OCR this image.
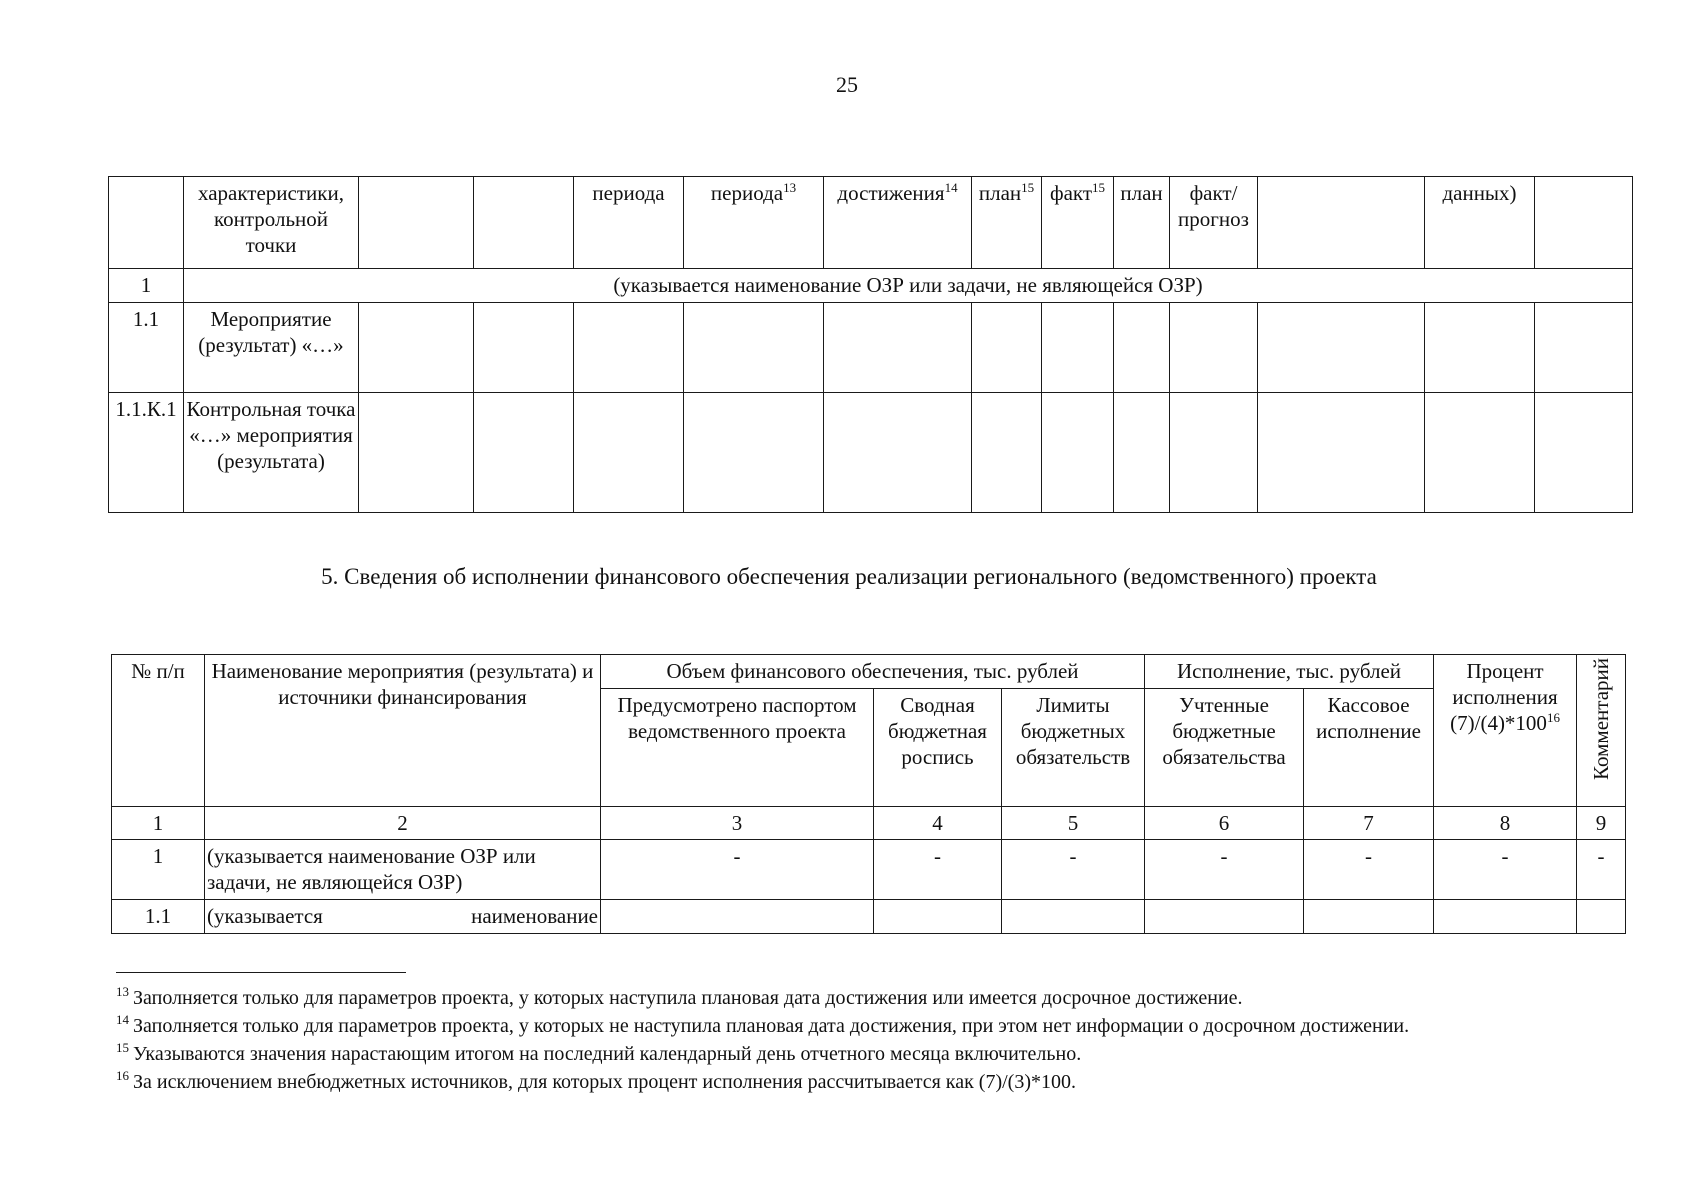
25
	характеристики, контрольной точки			периода	периода$^{13}$	достижения$^{14}$	план$^{15}$	факт$^{15}$	план	факт/ прогноз		данных)	
1	(указывается наименование ОЗР или задачи, не являющейся ОЗР)												
1.1	Мероприятие (результат) «…»												
1.1.К.1	Контрольная точка «…» мероприятия (результата)												
5. Сведения об исполнении финансового обеспечения реализации регионального (ведомственного) проекта
№ п/п	Наименование мероприятия (результата) и источники финансирования	Объем финансового обеспечения, тыс. рублей			Исполнение, тыс. рублей		Процент исполнения $(7)/(4)*100^{16}$	Комментарий

		Предусмотрено паспортом ведомственного проекта	Сводная бюджетная роспись	Лимиты бюджетных обязательств	Учтенные бюджетные обязательства	Кассовое исполнение		
1	2	3	4	5	6	7	8	9
1	(указывается наименование ОЗР или задачи, не являющейся ОЗР)	-	-	-	-	-	-	-
1.1	(указывается наименование							

$^{13}$ Заполняется только для параметров проекта, у которых наступила плановая дата достижения или имеется досрочное достижение.

$^{14}$ Заполняется только для параметров проекта, у которых не наступила плановая дата достижения, при этом нет информации о досрочном достижении.

$^{15}$ Указываются значения нарастающим итогом на последний календарный день отчетного месяца включительно.

$^{16}$ За исключением внебюджетных источников, для которых процент исполнения рассчитывается как (7)/(3)*100.
